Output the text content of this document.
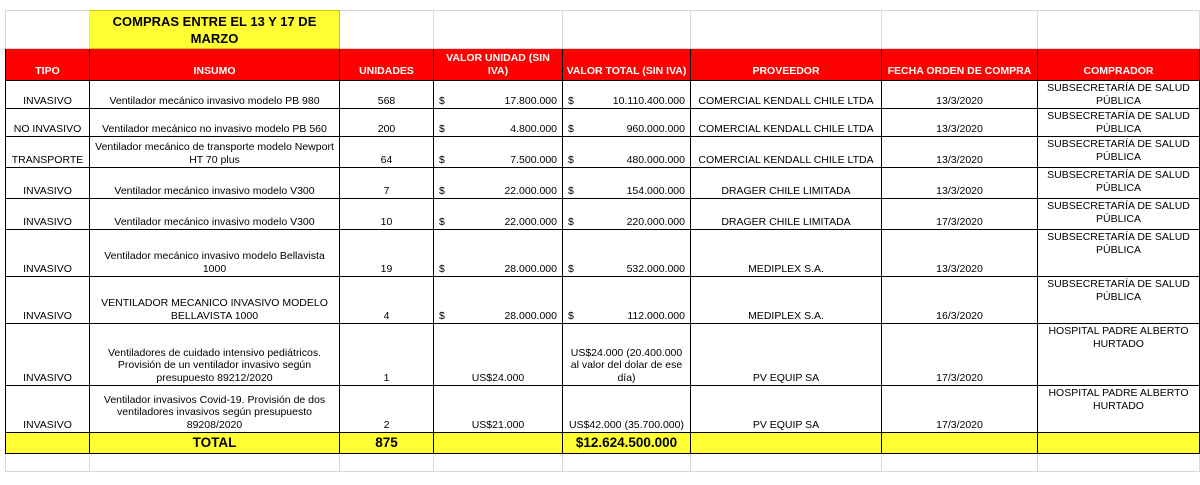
	COMPRAS ENTRE EL 13 Y 17 DE MARZO						
TIPO	INSUMO	UNIDADES	VALOR UNIDAD (SIN IVA)	VALOR TOTAL (SIN IVA)	PROVEEDOR	FECHA ORDEN DE COMPRA	COMPRADOR
INVASIVO	Ventilador mecánico invasivo modelo PB 980	568	$ 17.800.000	$ 10.110.400.000	COMERCIAL KENDALL CHILE LTDA	13/3/2020	SUBSECRETARÍA DE SALUD PÚBLICA
NO INVASIVO	Ventilador mecánico no invasivo modelo PB 560	200	$ 4.800.000	$ 960.000.000	COMERCIAL KENDALL CHILE LTDA	13/3/2020	SUBSECRETARÍA DE SALUD PÚBLICA
TRANSPORTE	Ventilador mecánico de transporte modelo Newport HT 70 plus	64	$ 7.500.000	$ 480.000.000	COMERCIAL KENDALL CHILE LTDA	13/3/2020	SUBSECRETARÍA DE SALUD PÚBLICA
INVASIVO	Ventilador mecánico invasivo modelo V300	7	$ 22.000.000	$ 154.000.000	DRAGER CHILE LIMITADA	13/3/2020	SUBSECRETARÍA DE SALUD PÚBLICA
INVASIVO	Ventilador mecánico invasivo modelo V300	10	$ 22.000.000	$ 220.000.000	DRAGER CHILE LIMITADA	17/3/2020	SUBSECRETARÍA DE SALUD PÚBLICA
INVASIVO	Ventilador mecánico invasivo modelo Bellavista 1000	19	$ 28.000.000	$ 532.000.000	MEDIPLEX S.A.	13/3/2020	SUBSECRETARÍA DE SALUD PÚBLICA
INVASIVO	VENTILADOR MECANICO INVASIVO MODELO BELLAVISTA 1000	4	$ 28.000.000	$ 112.000.000	MEDIPLEX S.A.	16/3/2020	SUBSECRETARÍA DE SALUD PÚBLICA
INVASIVO	Ventiladores de cuidado intensivo pediátricos. Provisión de un ventilador invasivo según presupuesto 89212/2020	1	US$24.000	US$24.000 (20.400.000 al valor del dolar de ese día)	PV EQUIP SA	17/3/2020	HOSPITAL PADRE ALBERTO HURTADO
INVASIVO	Ventilador invasivos Covid-19. Provisión de dos ventiladores invasivos según presupuesto 89208/2020	2	US$21.000	US$42.000 (35.700.000)	PV EQUIP SA	17/3/2020	HOSPITAL PADRE ALBERTO HURTADO
	TOTAL	875		$12.624.500.000			
